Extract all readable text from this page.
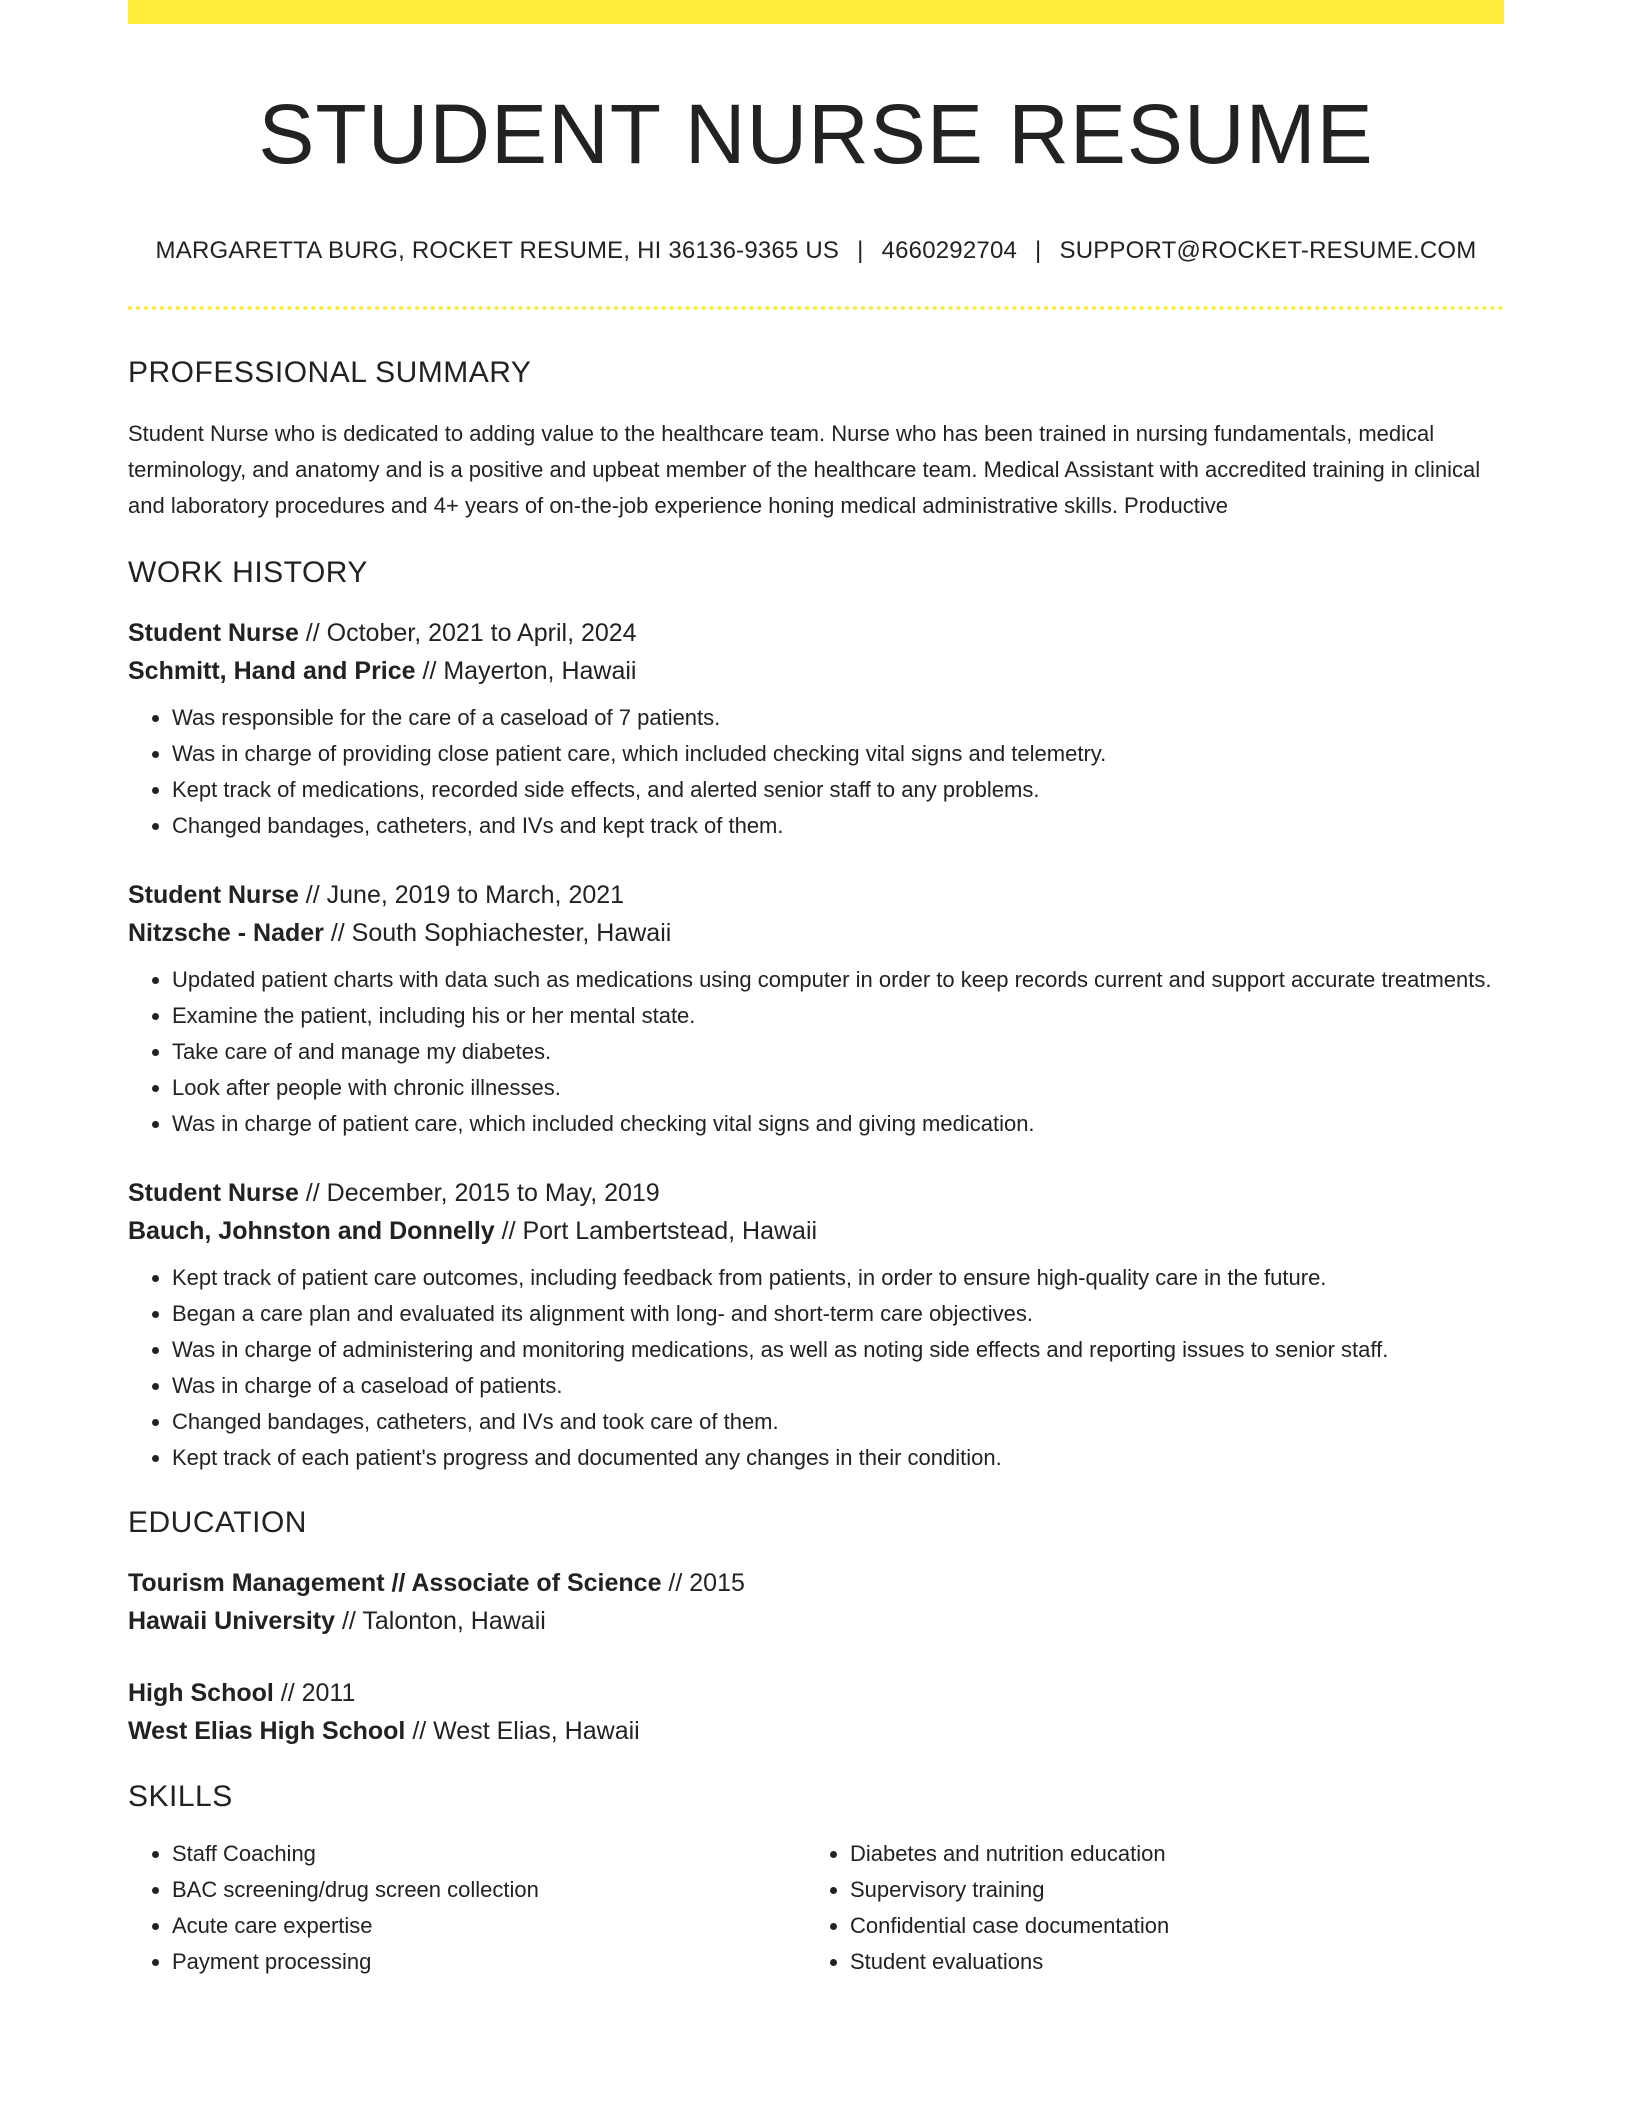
STUDENT NURSE RESUME
MARGARETTA BURG, ROCKET RESUME, HI 36136-9365 US | 4660292704 | SUPPORT@ROCKET-RESUME.COM
PROFESSIONAL SUMMARY
Student Nurse who is dedicated to adding value to the healthcare team. Nurse who has been trained in nursing fundamentals, medical terminology, and anatomy and is a positive and upbeat member of the healthcare team. Medical Assistant with accredited training in clinical and laboratory procedures and 4+ years of on-the-job experience honing medical administrative skills. Productive
WORK HISTORY
Student Nurse // October, 2021 to April, 2024
Schmitt, Hand and Price // Mayerton, Hawaii
• Was responsible for the care of a caseload of 7 patients.
• Was in charge of providing close patient care, which included checking vital signs and telemetry.
• Kept track of medications, recorded side effects, and alerted senior staff to any problems.
• Changed bandages, catheters, and IVs and kept track of them.
Student Nurse // June, 2019 to March, 2021
Nitzsche - Nader // South Sophiachester, Hawaii
• Updated patient charts with data such as medications using computer in order to keep records current and support accurate treatments.
• Examine the patient, including his or her mental state.
• Take care of and manage my diabetes.
• Look after people with chronic illnesses.
• Was in charge of patient care, which included checking vital signs and giving medication.
Student Nurse // December, 2015 to May, 2019
Bauch, Johnston and Donnelly // Port Lambertstead, Hawaii
• Kept track of patient care outcomes, including feedback from patients, in order to ensure high-quality care in the future.
• Began a care plan and evaluated its alignment with long- and short-term care objectives.
• Was in charge of administering and monitoring medications, as well as noting side effects and reporting issues to senior staff.
• Was in charge of a caseload of patients.
• Changed bandages, catheters, and IVs and took care of them.
• Kept track of each patient's progress and documented any changes in their condition.
EDUCATION
Tourism Management // Associate of Science // 2015
Hawaii University // Talonton, Hawaii
High School // 2011
West Elias High School // West Elias, Hawaii
SKILLS
• Staff Coaching
• BAC screening/drug screen collection
• Acute care expertise
• Payment processing
• Diabetes and nutrition education
• Supervisory training
• Confidential case documentation
• Student evaluations
